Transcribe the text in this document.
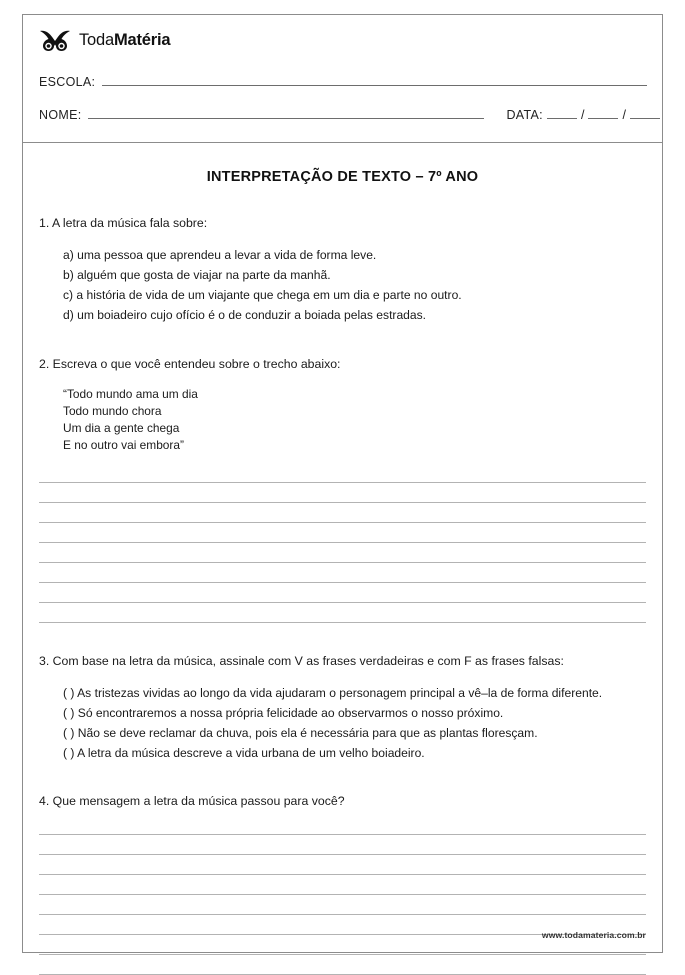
TodaMatéria
ESCOLA:
NOME:	DATA:	/	/
INTERPRETAÇÃO DE TEXTO – 7º ANO
1. A letra da música fala sobre:
a) uma pessoa que aprendeu a levar a vida de forma leve.
b) alguém que gosta de viajar na parte da manhã.
c) a história de vida de um viajante que chega em um dia e parte no outro.
d) um boiadeiro cujo ofício é o de conduzir a boiada pelas estradas.
2. Escreva o que você entendeu sobre o trecho abaixo:
“Todo mundo ama um dia
Todo mundo chora
Um dia a gente chega
E no outro vai embora”
3. Com base na letra da música, assinale com V as frases verdadeiras e com F as frases falsas:
( ) As tristezas vividas ao longo da vida ajudaram o personagem principal a vê–la de forma diferente.
( ) Só encontraremos a nossa própria felicidade ao observarmos o nosso próximo.
( ) Não se deve reclamar da chuva, pois ela é necessária para que as plantas floresçam.
( ) A letra da música descreve a vida urbana de um velho boiadeiro.
4. Que mensagem a letra da música passou para você?
www.todamateria.com.br
